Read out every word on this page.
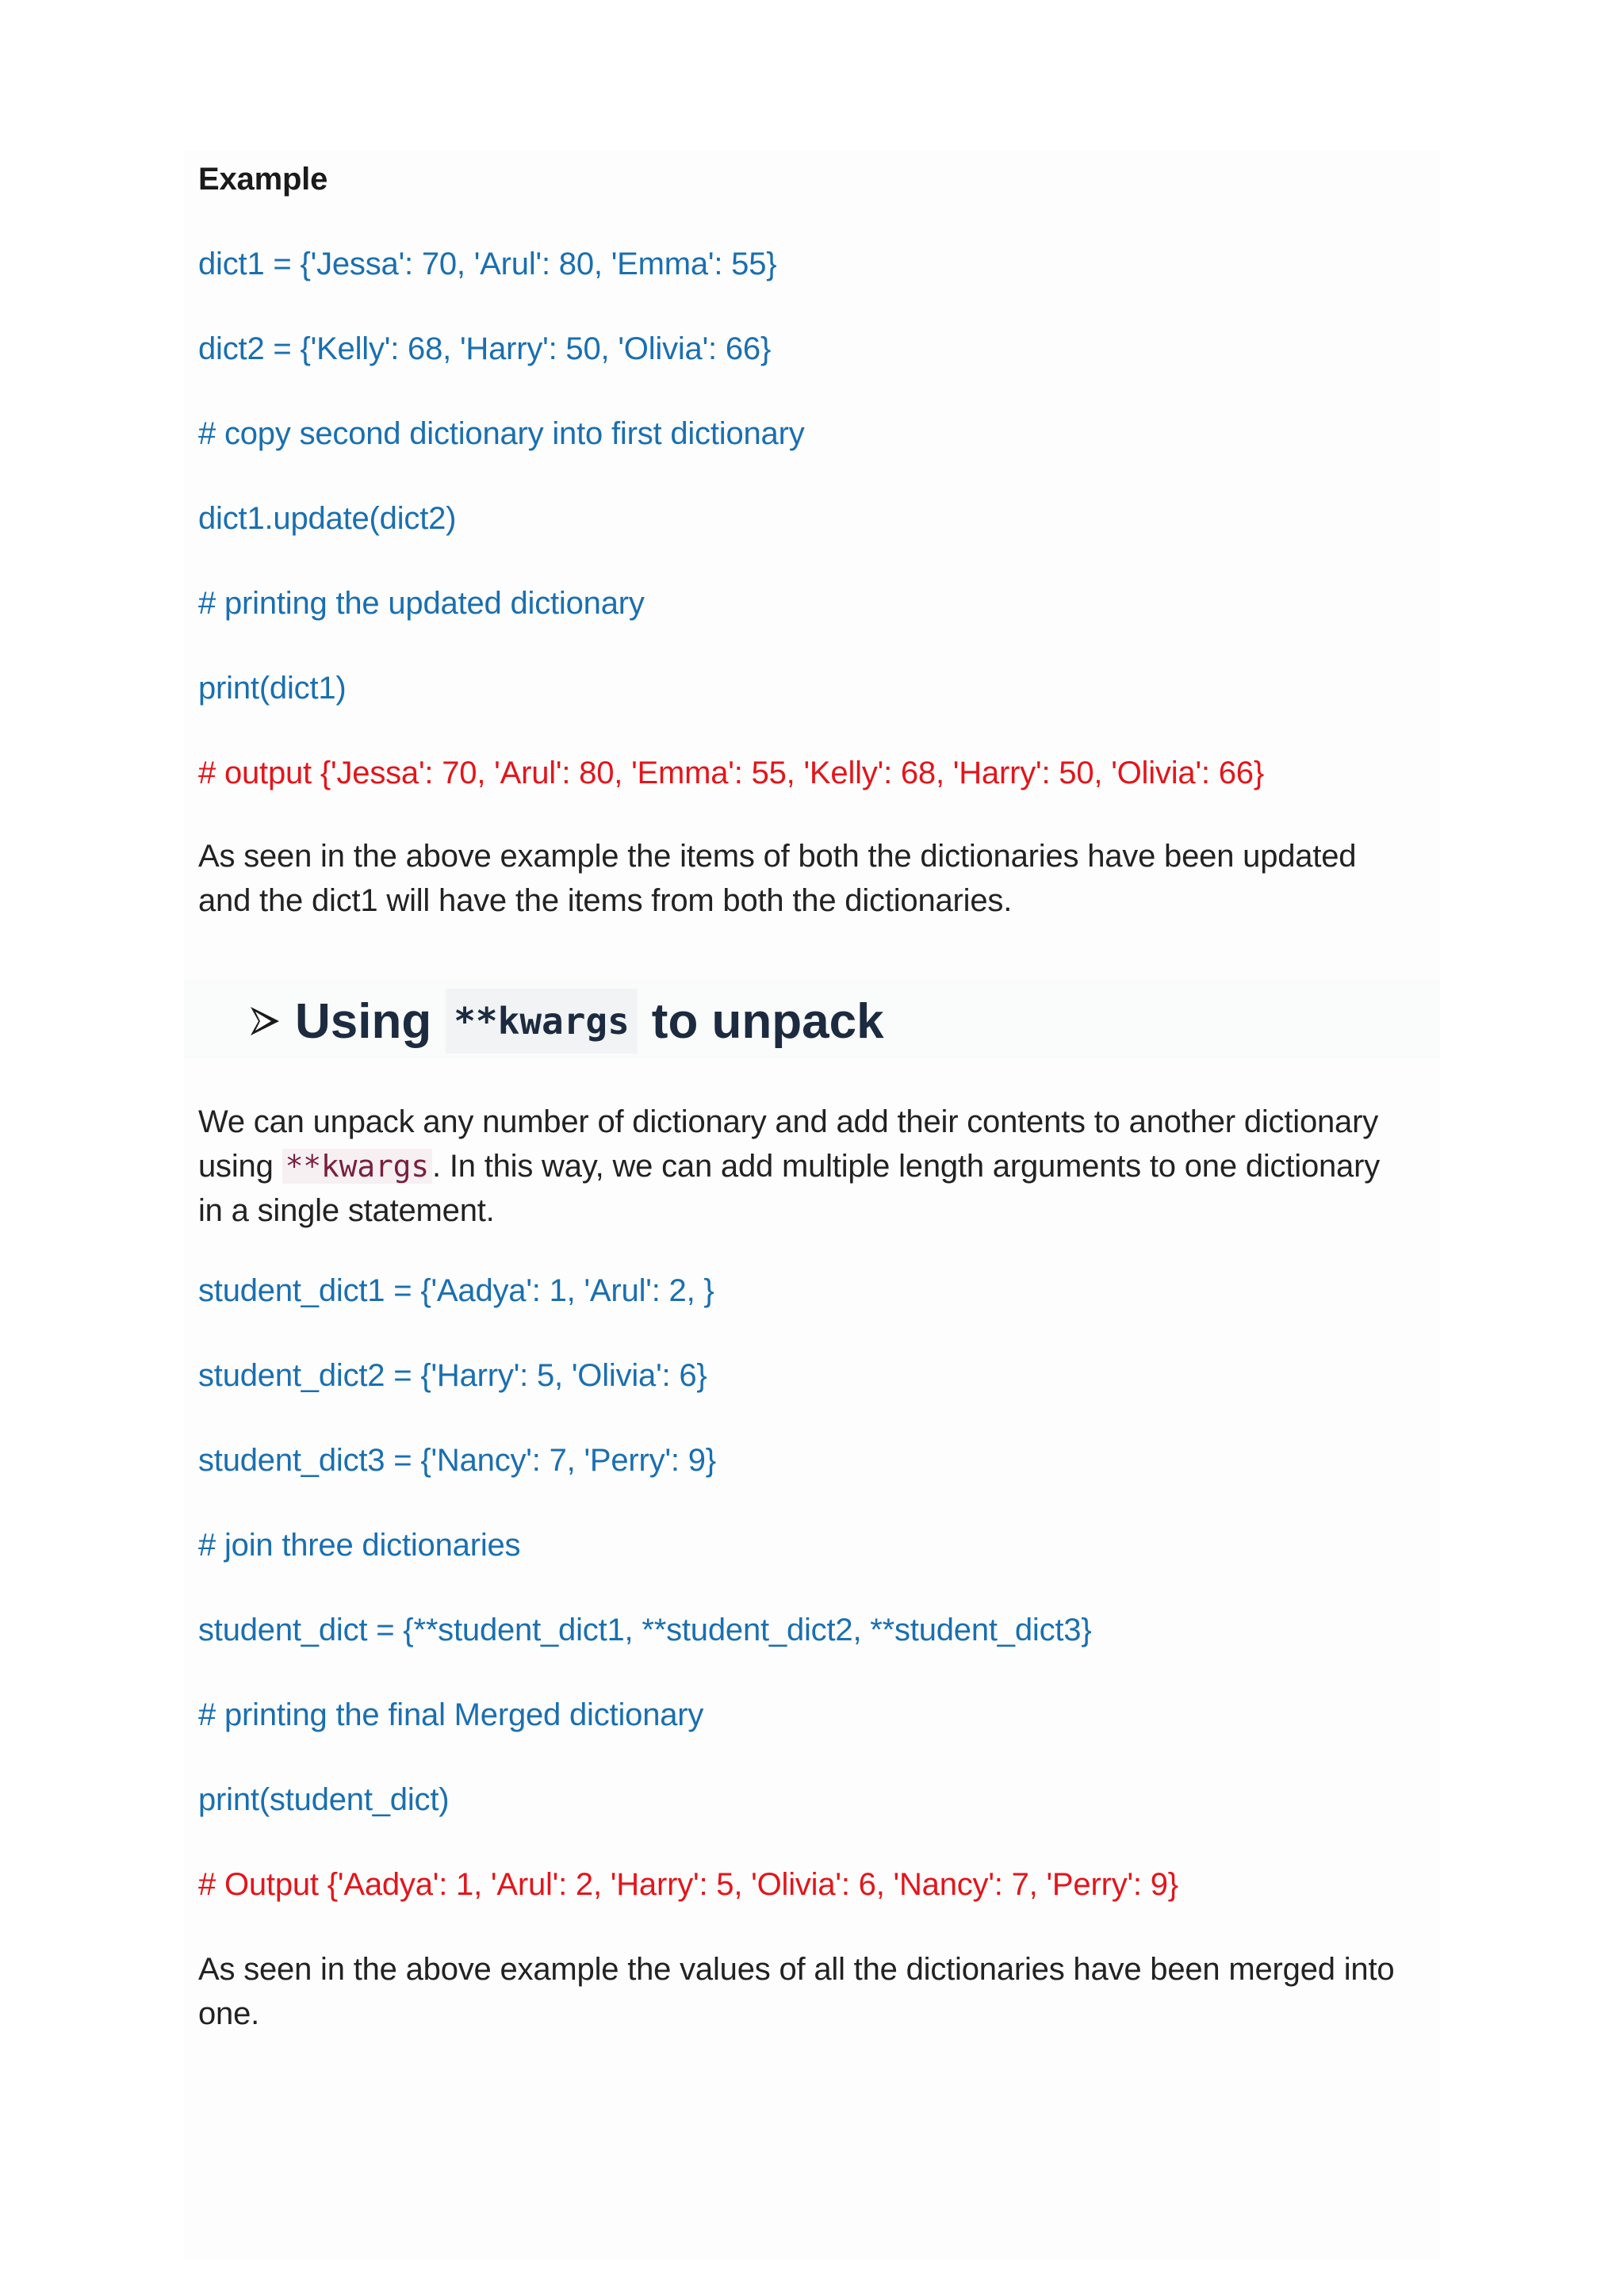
Example
dict1 = {'Jessa': 70, 'Arul': 80, 'Emma': 55}
dict2 = {'Kelly': 68, 'Harry': 50, 'Olivia': 66}
# copy second dictionary into first dictionary
dict1.update(dict2)
# printing the updated dictionary
print(dict1)
# output {'Jessa': 70, 'Arul': 80, 'Emma': 55, 'Kelly': 68, 'Harry': 50, 'Olivia': 66}
As seen in the above example the items of both the dictionaries have been updated
and the dict1 will have the items from both the dictionaries.
Using **kwargs to unpack
We can unpack any number of dictionary and add their contents to another dictionary
using **kwargs . In this way, we can add multiple length arguments to one dictionary
in a single statement.
student_dict1 = {'Aadya': 1, 'Arul': 2, }
student_dict2 = {'Harry': 5, 'Olivia': 6}
student_dict3 = {'Nancy': 7, 'Perry': 9}
# join three dictionaries
student_dict = {**student_dict1, **student_dict2, **student_dict3}
# printing the final Merged dictionary
print(student_dict)
# Output {'Aadya': 1, 'Arul': 2, 'Harry': 5, 'Olivia': 6, 'Nancy': 7, 'Perry': 9}
As seen in the above example the values of all the dictionaries have been merged into
one.
